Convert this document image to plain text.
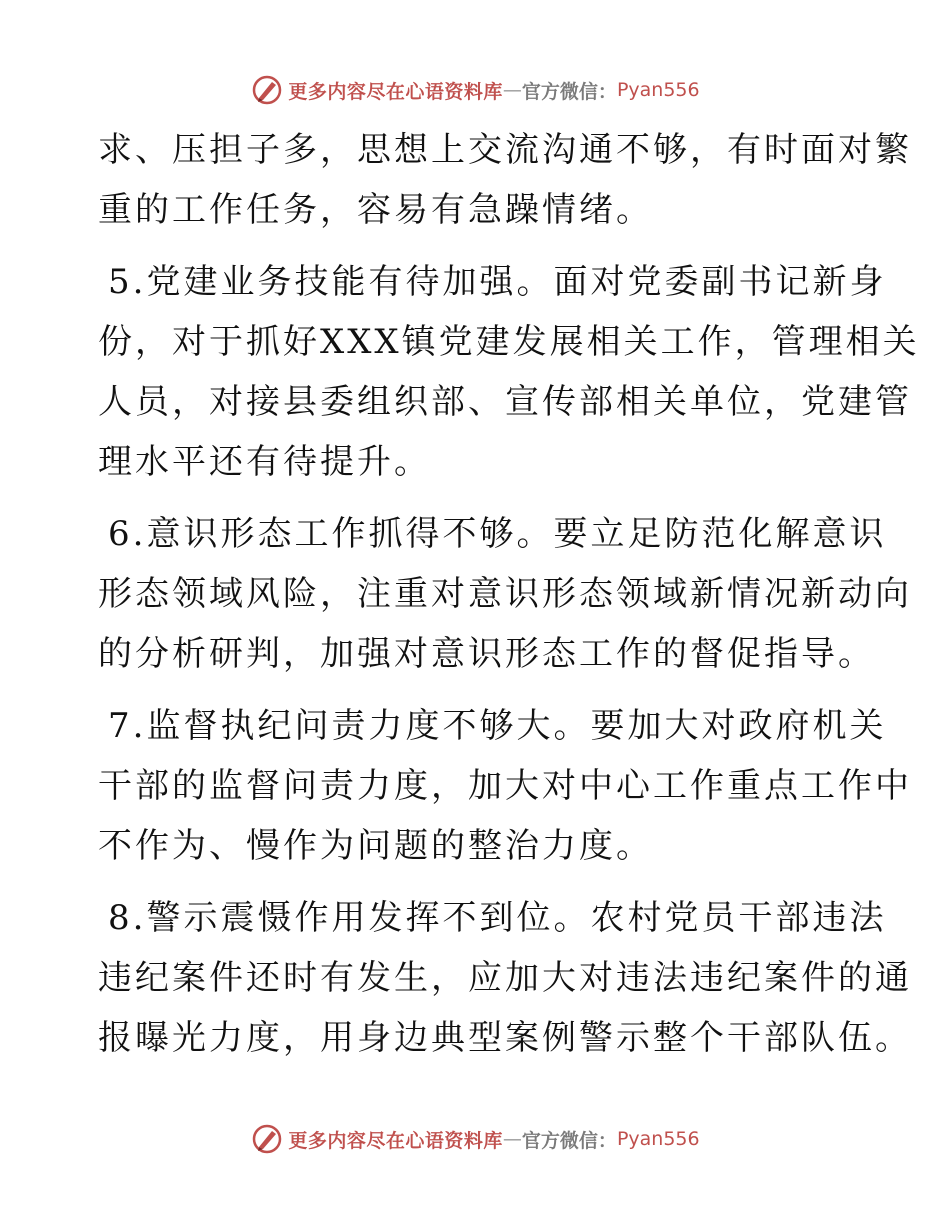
更多内容尽在心语资料库 — 官方微信： Pyan556
求、压担子多，思想上交流沟通不够，有时面对繁
重的工作任务，容易有急躁情绪。
5.党建业务技能有待加强。面对党委副书记新身
份，对于抓好XXX镇党建发展相关工作，管理相关
人员，对接县委组织部、宣传部相关单位，党建管
理水平还有待提升。
6.意识形态工作抓得不够。要立足防范化解意识
形态领域风险，注重对意识形态领域新情况新动向
的分析研判，加强对意识形态工作的督促指导。
7.监督执纪问责力度不够大。要加大对政府机关
干部的监督问责力度，加大对中心工作重点工作中
不作为、慢作为问题的整治力度。
8.警示震慑作用发挥不到位。农村党员干部违法
违纪案件还时有发生，应加大对违法违纪案件的通
报曝光力度，用身边典型案例警示整个干部队伍。
更多内容尽在心语资料库 — 官方微信： Pyan556
